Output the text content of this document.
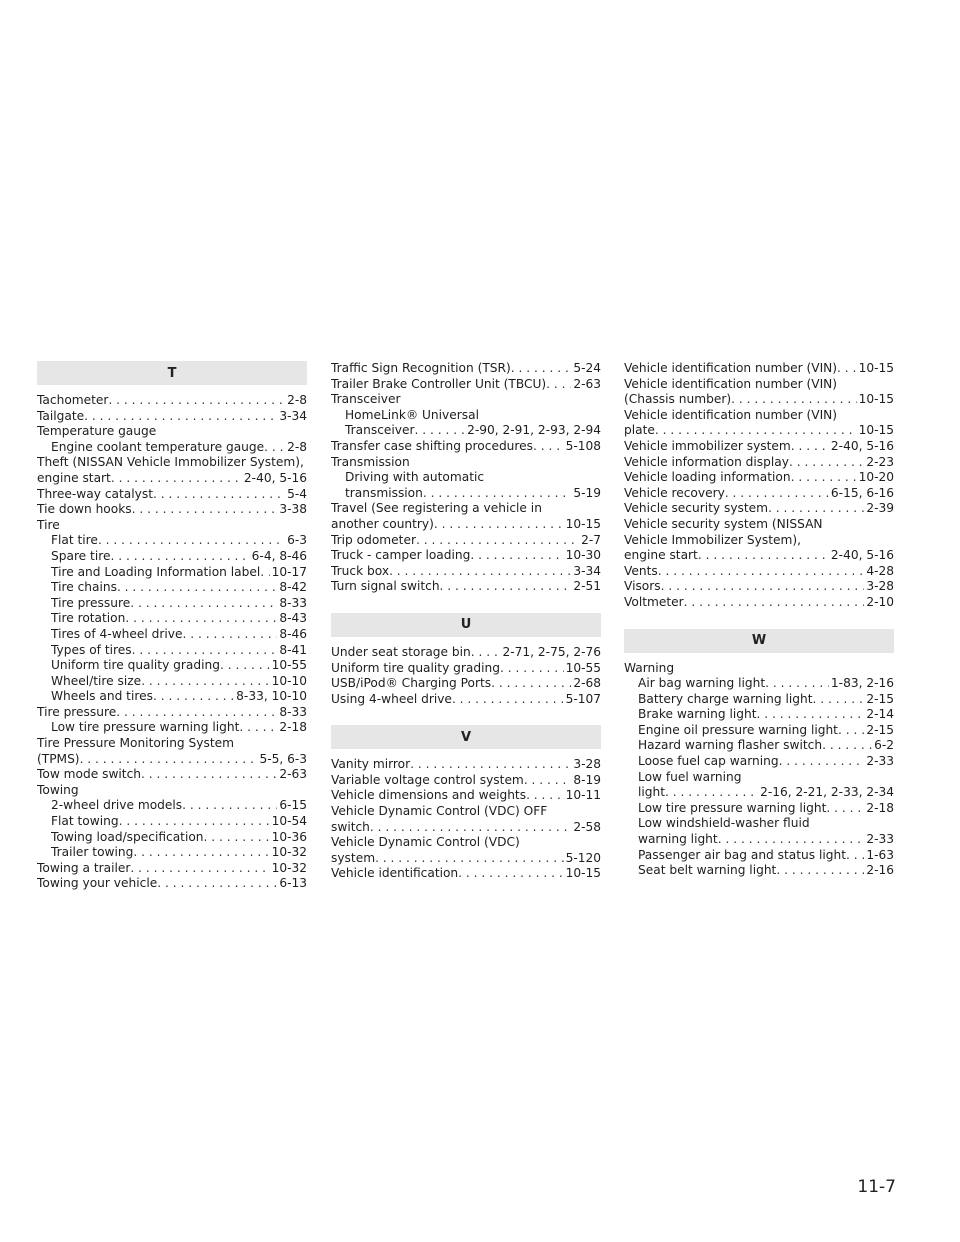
T
Tachometer . . .	2-8
Tailgate . . .	3-34
Temperature gauge
Engine coolant temperature gauge . . . 2-8
Theft (NISSAN Vehicle Immobilizer System),
engine start . . .	2-40, 5-16
Three-way catalyst . . .	5-4
Tie down hooks . . .	3-38
Tire
Flat tire . . .	6-3
Spare tire . . .	6-4, 8-46
Tire and Loading Information label . . . 10-17
Tire chains . . .	8-42
Tire pressure . . .	8-33
Tire rotation . . .	8-43
Tires of 4-wheel drive . . .	8-46
Types of tires . . .	8-41
Uniform tire quality grading . . .	10-55
Wheel/tire size . . .	10-10
Wheels and tires . . .	8-33, 10-10
Tire pressure . . .	8-33
Low tire pressure warning light . . .	2-18
Tire Pressure Monitoring System
(TPMS) . . .	5-5, 6-3
Tow mode switch . . .	2-63
Towing
2-wheel drive models . . .	6-15
Flat towing . . .	10-54
Towing load/specification . . .	10-36
Trailer towing . . .	10-32
Towing a trailer . . .	10-32
Towing your vehicle . . .	6-13
Traffic Sign Recognition (TSR) . . .	5-24
Trailer Brake Controller Unit (TBCU) . . . 2-63
Transceiver
HomeLink® Universal
Transceiver . . .	2-90, 2-91, 2-93, 2-94
Transfer case shifting procedures . . .	5-108
Transmission
Driving with automatic
transmission . . .	5-19
Travel (See registering a vehicle in
another country) . . .	10-15
Trip odometer . . .	2-7
Truck - camper loading . . .	10-30
Truck box . . .	3-34
Turn signal switch . . .	2-51
U
Under seat storage bin . . .	2-71, 2-75, 2-76
Uniform tire quality grading . . .	10-55
USB/iPod® Charging Ports . . .	2-68
Using 4-wheel drive . . .	5-107
V
Vanity mirror . . .	3-28
Variable voltage control system . . .	8-19
Vehicle dimensions and weights . . .	10-11
Vehicle Dynamic Control (VDC) OFF
switch . . .	2-58
Vehicle Dynamic Control (VDC)
system . . .	5-120
Vehicle identification . . .	10-15
Vehicle identification number (VIN) . . . 10-15
Vehicle identification number (VIN)
(Chassis number) . . .	10-15
Vehicle identification number (VIN)
plate . . .	10-15
Vehicle immobilizer system . . .	2-40, 5-16
Vehicle information display . . .	2-23
Vehicle loading information . . .	10-20
Vehicle recovery . . .	6-15, 6-16
Vehicle security system . . .	2-39
Vehicle security system (NISSAN
Vehicle Immobilizer System),
engine start . . .	2-40, 5-16
Vents . . .	4-28
Visors . . .	3-28
Voltmeter . . .	2-10
W
Warning
Air bag warning light . . .	1-83, 2-16
Battery charge warning light . . .	2-15
Brake warning light . . .	2-14
Engine oil pressure warning light . . . 2-15
Hazard warning flasher switch . . .	6-2
Loose fuel cap warning . . .	2-33
Low fuel warning
light . . .	2-16, 2-21, 2-33, 2-34
Low tire pressure warning light . . .	2-18
Low windshield-washer fluid
warning light . . .	2-33
Passenger air bag and status light . . . 1-63
Seat belt warning light . . .	2-16
11-7
